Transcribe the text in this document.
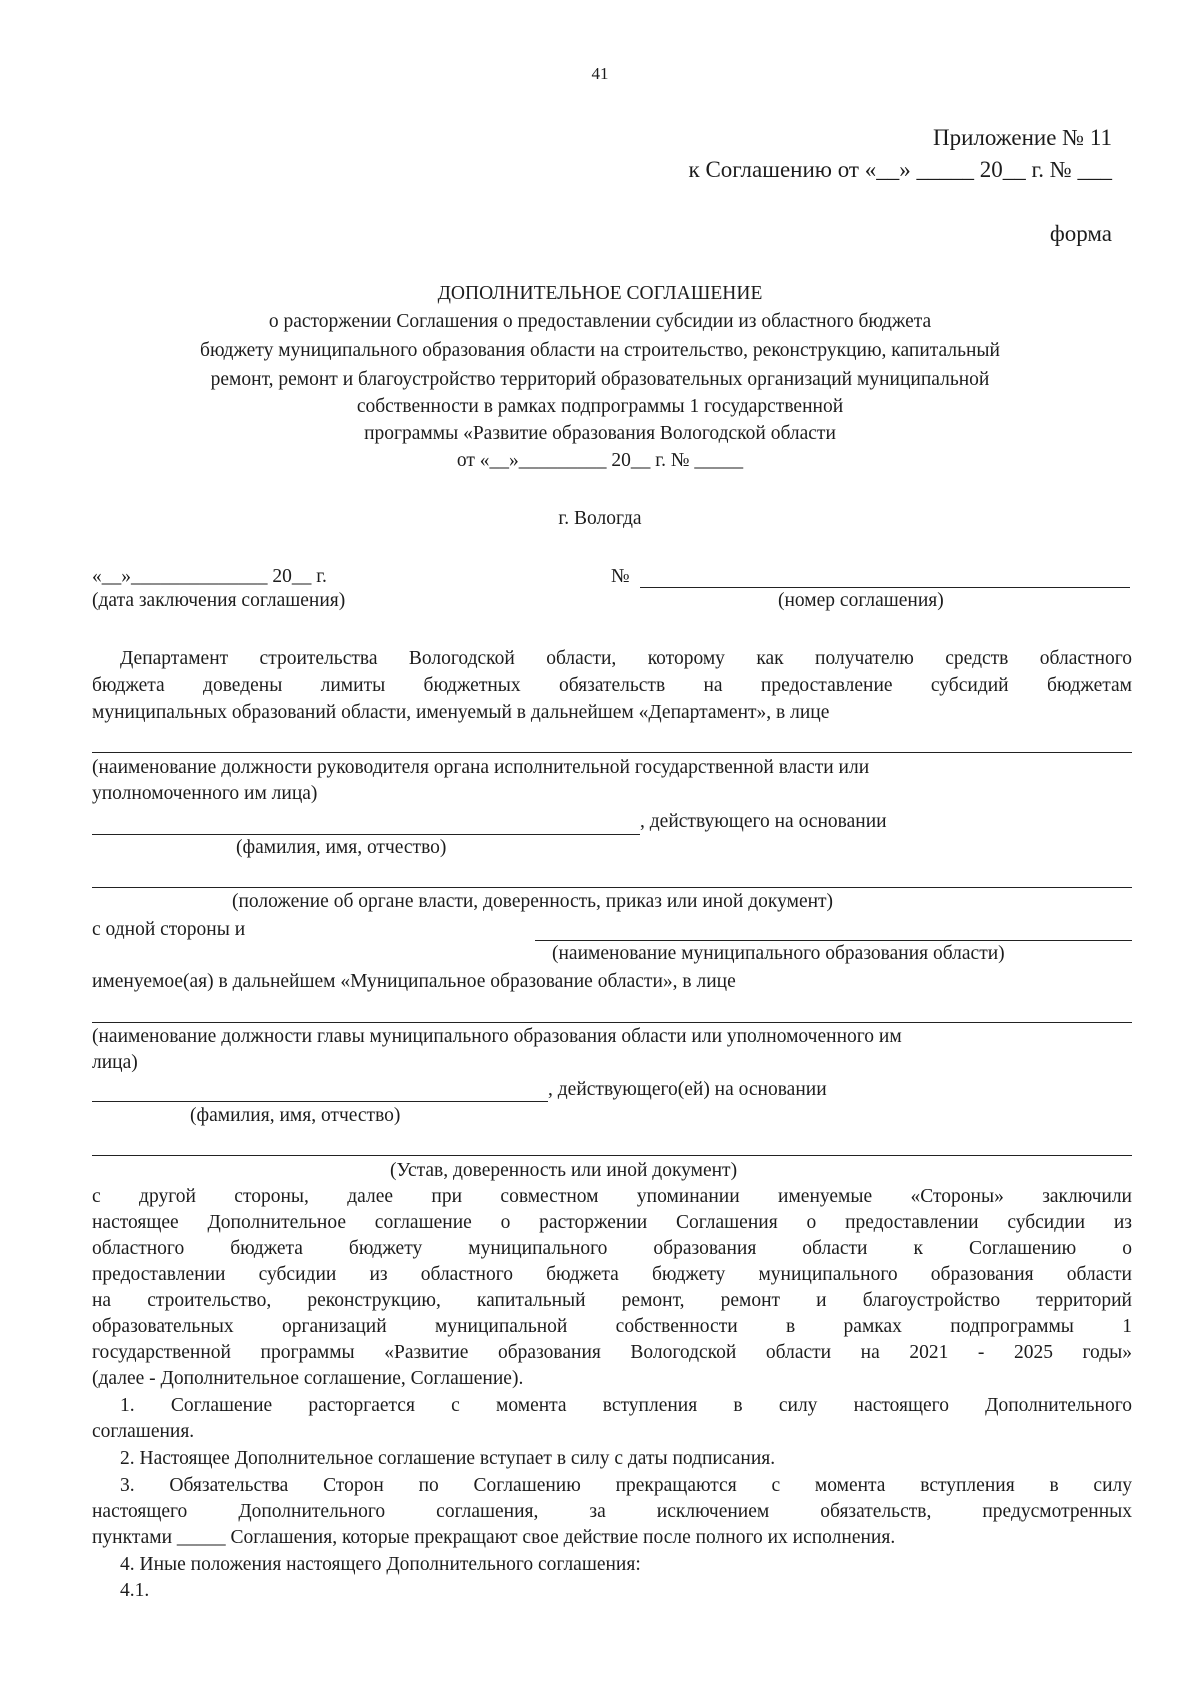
41
Приложение № 11
к Соглашению от «__» _____ 20__ г. № ___
форма
ДОПОЛНИТЕЛЬНОЕ СОГЛАШЕНИЕ
о расторжении Соглашения о предоставлении субсидии из областного бюджета
бюджету муниципального образования области на строительство, реконструкцию, капитальный
ремонт, ремонт и благоустройство территорий образовательных организаций муниципальной
собственности в рамках подпрограммы 1 государственной
программы «Развитие образования Вологодской области
от «__»_________ 20__ г. № _____
г. Вологда
«__»______________ 20__ г.	№
(дата заключения соглашения)	(номер соглашения)
Департамент строительства Вологодской области, которому как получателю средств областного
бюджета доведены лимиты бюджетных обязательств на предоставление субсидий бюджетам
муниципальных образований области, именуемый в дальнейшем «Департамент», в лице
(наименование должности руководителя органа исполнительной государственной власти или
уполномоченного им лица)
, действующего на основании
(фамилия, имя, отчество)
(положение об органе власти, доверенность, приказ или иной документ)
с одной стороны и
(наименование муниципального образования области)
именуемое(ая) в дальнейшем «Муниципальное образование области», в лице
(наименование должности главы муниципального образования области или уполномоченного им
лица)
, действующего(ей) на основании
(фамилия, имя, отчество)
(Устав, доверенность или иной документ)
с другой стороны, далее при совместном упоминании именуемые «Стороны» заключили
настоящее Дополнительное соглашение о расторжении Соглашения о предоставлении субсидии из
областного бюджета бюджету муниципального образования области к Соглашению о
предоставлении субсидии из областного бюджета бюджету муниципального образования области
на строительство, реконструкцию, капитальный ремонт, ремонт и благоустройство территорий
образовательных организаций муниципальной собственности в рамках подпрограммы 1
государственной программы «Развитие образования Вологодской области на 2021 - 2025 годы»
(далее - Дополнительное соглашение, Соглашение).
1. Соглашение расторгается с момента вступления в силу настоящего Дополнительного
соглашения.
2. Настоящее Дополнительное соглашение вступает в силу с даты подписания.
3. Обязательства Сторон по Соглашению прекращаются с момента вступления в силу
настоящего Дополнительного соглашения, за исключением обязательств, предусмотренных
пунктами _____ Соглашения, которые прекращают свое действие после полного их исполнения.
4. Иные положения настоящего Дополнительного соглашения:
4.1.
